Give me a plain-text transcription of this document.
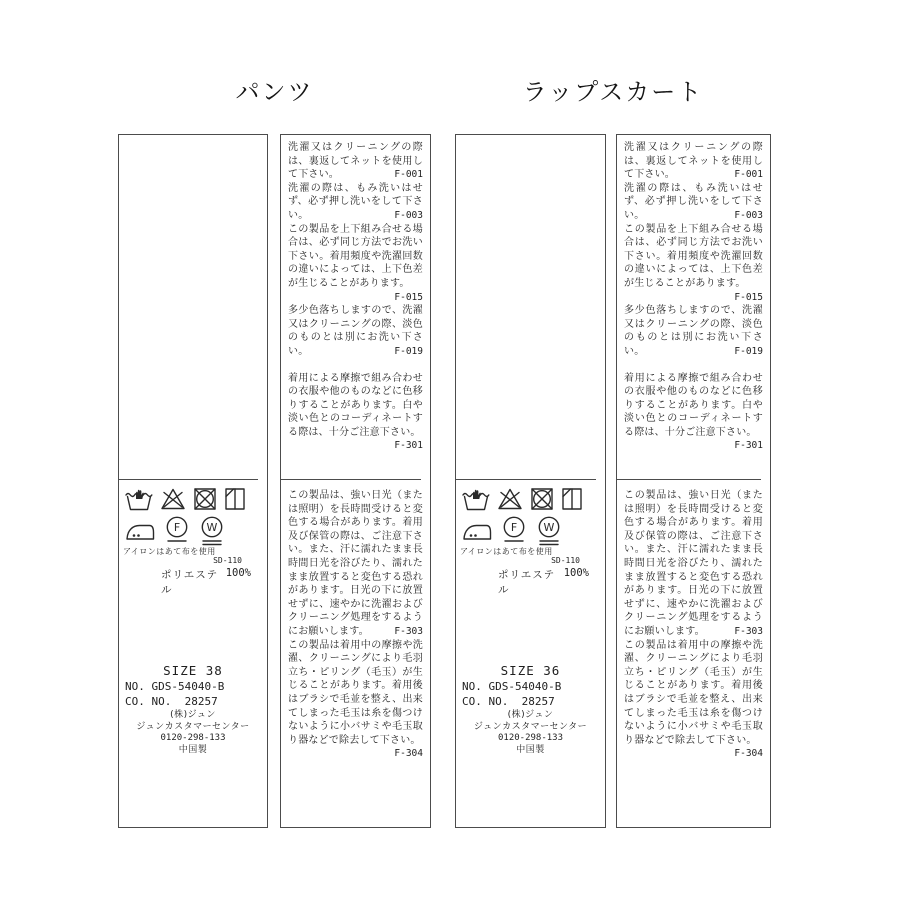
パンツ	ラップスカート
アイロンはあて布を使用
SD-110
ポリエステル
100%
SIZE 38
NO. GDS-54040-B
CO. NO.  28257
(株)ジュン
ジュンカスタマーセンター
0120-298-133
中国製

洗濯又はクリーニングの際は、裏返してネットを使用して下さい。	F-001

洗濯の際は、もみ洗いはせず、必ず押し洗いをして下さい。	F-003

この製品を上下組み合せる場合は、必ず同じ方法でお洗い下さい。着用頻度や洗濯回数の違いによっては、上下色差が生じることがあります。
F-015

多少色落ちしますので、洗濯又はクリーニングの際、淡色のものとは別にお洗い下さい。	F-019

着用による摩擦で組み合わせの衣服や他のものなどに色移りすることがあります。白や淡い色とのコーディネートする際は、十分ご注意下さい。
F-301

この製品は、強い日光（または照明）を長時間受けると変色する場合があります。着用及び保管の際は、ご注意下さい。また、汗に濡れたまま長時間日光を浴びたり、濡れたまま放置すると変色する恐れがあります。日光の下に放置せずに、速やかに洗濯およびクリーニング処理をするようにお願いします。	F-303

この製品は着用中の摩擦や洗濯、クリーニングにより毛羽立ち・ピリング（毛玉）が生じることがあります。着用後はブラシで毛並を整え、出来てしまった毛玉は糸を傷つけないように小バサミや毛玉取り器などで除去して下さい。
F-304

アイロンはあて布を使用
SD-110
ポリエステル
100%
SIZE 36
NO. GDS-54040-B
CO. NO.  28257
(株)ジュン
ジュンカスタマーセンター
0120-298-133
中国製

洗濯又はクリーニングの際は、裏返してネットを使用して下さい。	F-001

洗濯の際は、もみ洗いはせず、必ず押し洗いをして下さい。	F-003

この製品を上下組み合せる場合は、必ず同じ方法でお洗い下さい。着用頻度や洗濯回数の違いによっては、上下色差が生じることがあります。
F-015

多少色落ちしますので、洗濯又はクリーニングの際、淡色のものとは別にお洗い下さい。	F-019

着用による摩擦で組み合わせの衣服や他のものなどに色移りすることがあります。白や淡い色とのコーディネートする際は、十分ご注意下さい。
F-301

この製品は、強い日光（または照明）を長時間受けると変色する場合があります。着用及び保管の際は、ご注意下さい。また、汗に濡れたまま長時間日光を浴びたり、濡れたまま放置すると変色する恐れがあります。日光の下に放置せずに、速やかに洗濯およびクリーニング処理をするようにお願いします。	F-303

この製品は着用中の摩擦や洗濯、クリーニングにより毛羽立ち・ピリング（毛玉）が生じることがあります。着用後はブラシで毛並を整え、出来てしまった毛玉は糸を傷つけないように小バサミや毛玉取り器などで除去して下さい。
F-304
